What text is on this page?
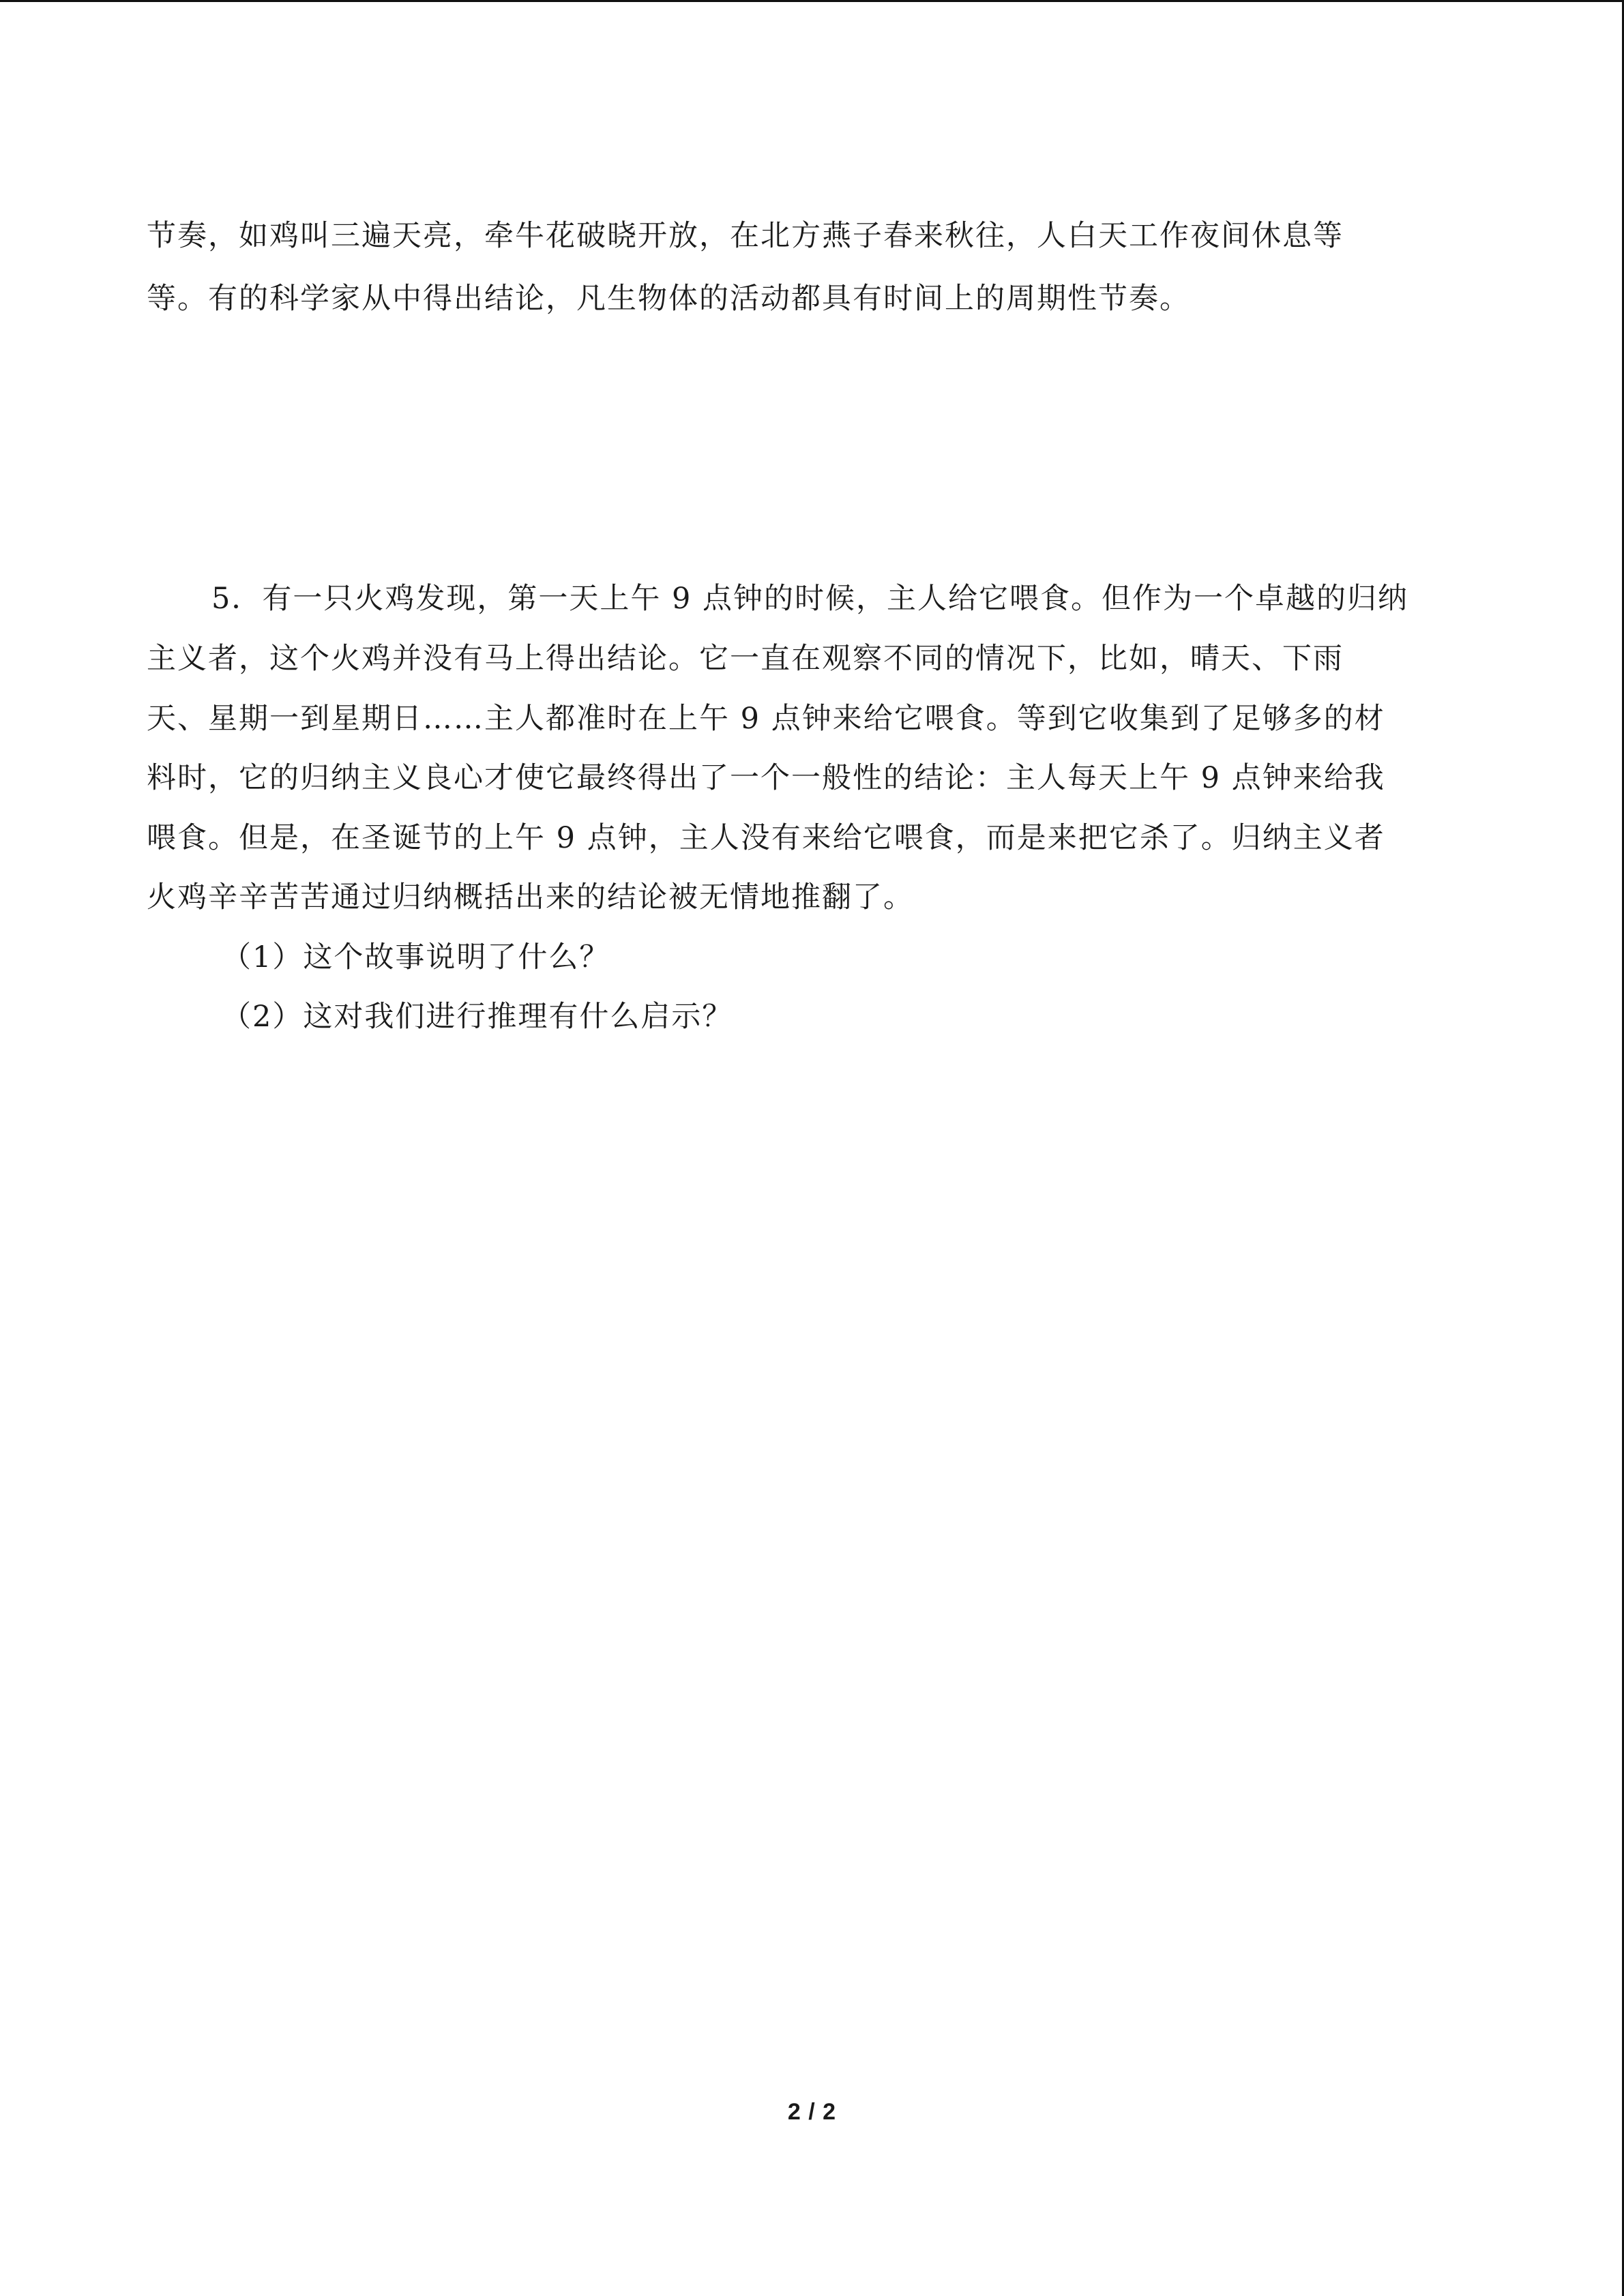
节奏，如鸡叫三遍天亮，牵牛花破晓开放，在北方燕子春来秋往，人白天工作夜间休息等
等。有的科学家从中得出结论，凡生物体的活动都具有时间上的周期性节奏。
5．有一只火鸡发现，第一天上午 9 点钟的时候，主人给它喂食。但作为一个卓越的归纳
主义者，这个火鸡并没有马上得出结论。它一直在观察不同的情况下，比如，晴天、下雨
天、星期一到星期日……主人都准时在上午 9 点钟来给它喂食。等到它收集到了足够多的材
料时，它的归纳主义良心才使它最终得出了一个一般性的结论：主人每天上午 9 点钟来给我
喂食。但是，在圣诞节的上午 9 点钟，主人没有来给它喂食，而是来把它杀了。归纳主义者
火鸡辛辛苦苦通过归纳概括出来的结论被无情地推翻了。
（1）这个故事说明了什么？
（2）这对我们进行推理有什么启示？
2 / 2
